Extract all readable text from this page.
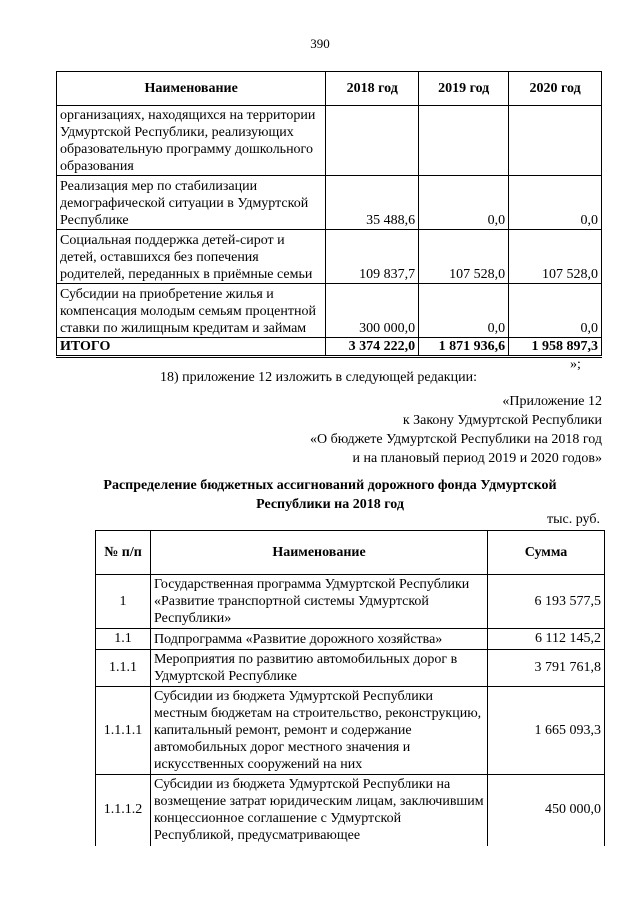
390
Наименование	2018 год	2019 год	2020 год
организациях, находящихся на территории Удмуртской Республики, реализующих образовательную программу дошкольного образования			
Реализация мер по стабилизации демографической ситуации в Удмуртской Республике	35 488,6	0,0	0,0
Социальная поддержка детей-сирот и детей, оставшихся без попечения родителей, переданных в приёмные семьи	109 837,7	107 528,0	107 528,0
Субсидии на приобретение жилья и компенсация молодым семьям процентной ставки по жилищным кредитам и займам	300 000,0	0,0	0,0
ИТОГО	3 374 222,0	1 871 936,6	1 958 897,3
»;
18) приложение 12 изложить в следующей редакции:
«Приложение 12
к Закону Удмуртской Республики
«О бюджете Удмуртской Республики на 2018 год
и на плановый период 2019 и 2020 годов»
Распределение бюджетных ассигнований дорожного фонда Удмуртской
Республики на 2018 год
тыс. руб.
№ п/п	Наименование	Сумма
1	Государственная программа Удмуртской Республики «Развитие транспортной системы Удмуртской Республики»	6 193 577,5
1.1	Подпрограмма «Развитие дорожного хозяйства»	6 112 145,2
1.1.1	Мероприятия по развитию автомобильных дорог в Удмуртской Республике	3 791 761,8
1.1.1.1	Субсидии из бюджета Удмуртской Республики местным бюджетам на строительство, реконструкцию, капитальный ремонт, ремонт и содержание автомобильных дорог местного значения и искусственных сооружений на них	1 665 093,3
1.1.1.2	Субсидии из бюджета Удмуртской Республики на возмещение затрат юридическим лицам, заключившим концессионное соглашение с Удмуртской Республикой, предусматривающее	450 000,0
